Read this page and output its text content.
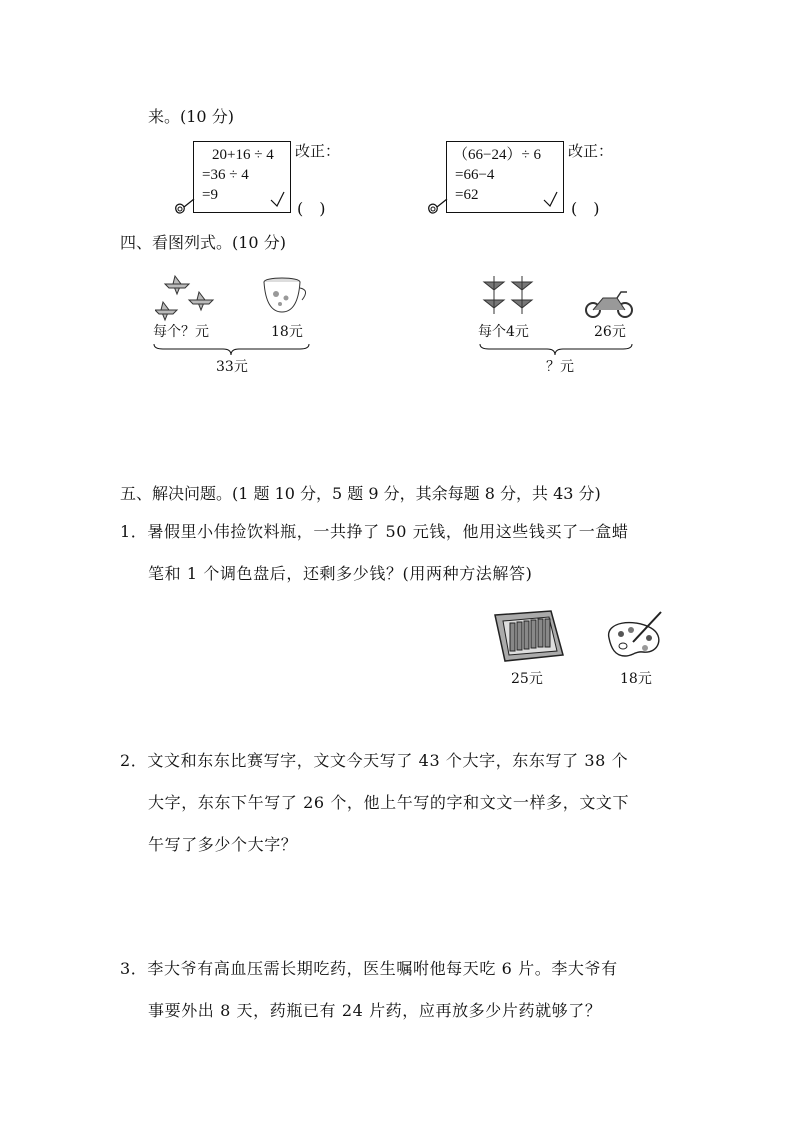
来。(10 分)
20+16 ÷ 4
=36 ÷ 4
=9
改正：
(　)
（66−24）÷ 6
=66−4
=62
改正：
(　)
四、看图列式。(10 分)
每个？元	18元
33元
每个4元	26元
？元
五、解决问题。(1 题 10 分，5 题 9 分，其余每题 8 分，共 43 分)
1．暑假里小伟捡饮料瓶，一共挣了 50 元钱，他用这些钱买了一盒蜡
笔和 1 个调色盘后，还剩多少钱？(用两种方法解答)
25元	18元
2．文文和东东比赛写字，文文今天写了 43 个大字，东东写了 38 个
大字，东东下午写了 26 个，他上午写的字和文文一样多，文文下
午写了多少个大字？
3．李大爷有高血压需长期吃药，医生嘱咐他每天吃 6 片。李大爷有
事要外出 8 天，药瓶已有 24 片药，应再放多少片药就够了？
